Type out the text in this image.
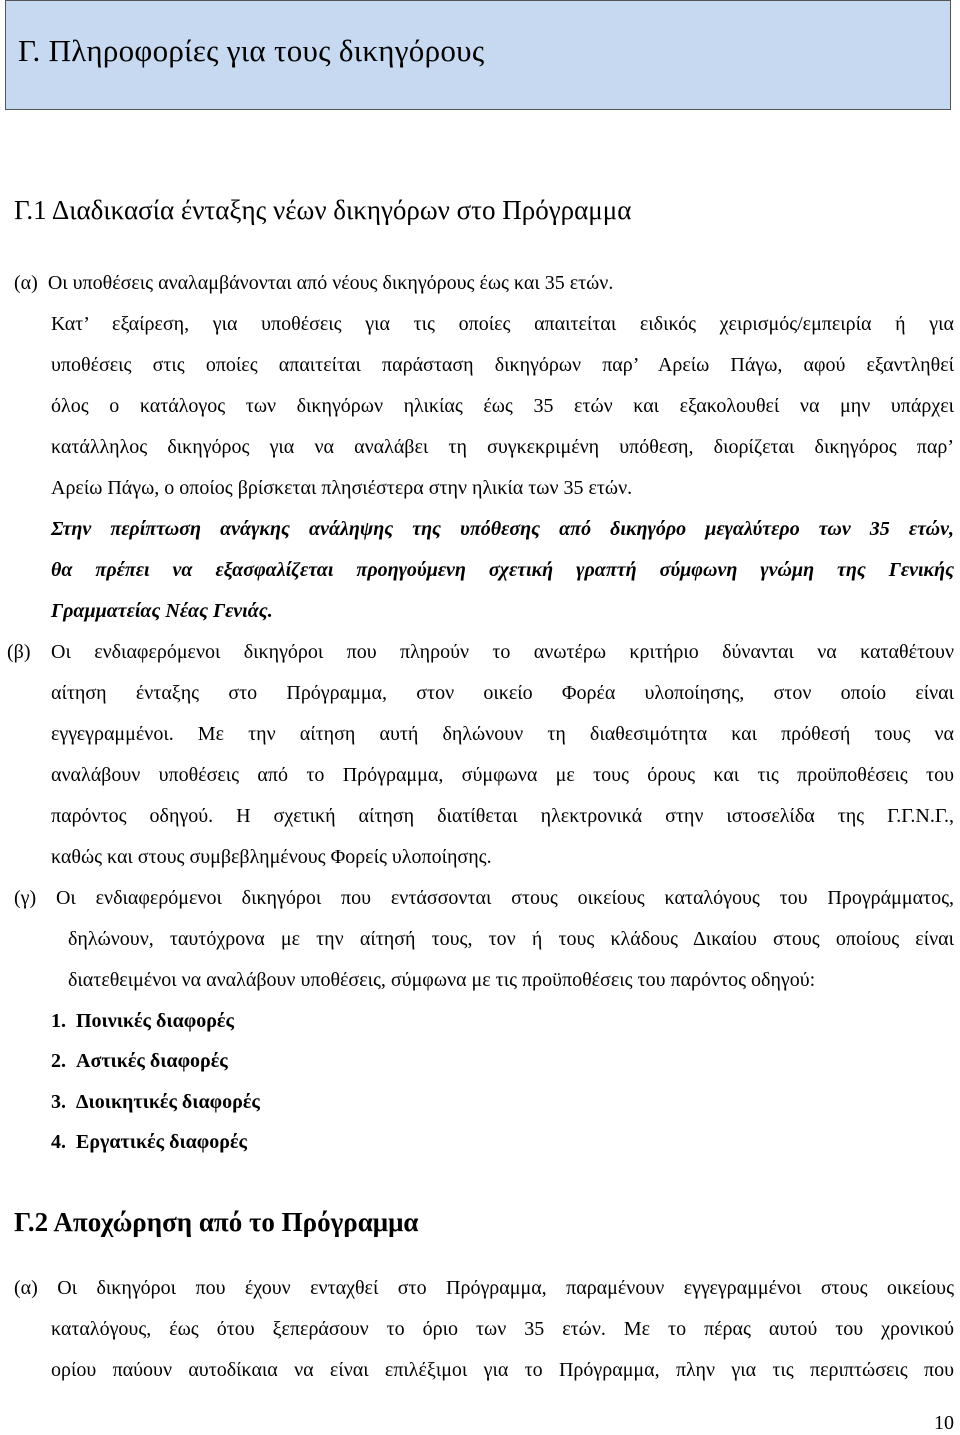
Γ. Πληροφορίες για τους δικηγόρους
Γ.1 Διαδικασία ένταξης νέων δικηγόρων στο Πρόγραμμα
(α) Οι υποθέσεις αναλαμβάνονται από νέους δικηγόρους έως και 35 ετών.
Κατ’ εξαίρεση, για υποθέσεις για τις οποίες απαιτείται ειδικός χειρισμός/εμπειρία ή για
υποθέσεις στις οποίες απαιτείται παράσταση δικηγόρων παρ’ Αρείω Πάγω, αφού εξαντληθεί
όλος ο κατάλογος των δικηγόρων ηλικίας έως 35 ετών και εξακολουθεί να μην υπάρχει
κατάλληλος δικηγόρος για να αναλάβει τη συγκεκριμένη υπόθεση, διορίζεται δικηγόρος παρ’
Αρείω Πάγω, ο οποίος βρίσκεται πλησιέστερα στην ηλικία των 35 ετών.
Στην περίπτωση ανάγκης ανάληψης της υπόθεσης από δικηγόρο μεγαλύτερο των 35 ετών,
θα πρέπει να εξασφαλίζεται προηγούμενη σχετική γραπτή σύμφωνη γνώμη της Γενικής
Γραμματείας Νέας Γενιάς.
(β) Οι ενδιαφερόμενοι δικηγόροι που πληρούν το ανωτέρω κριτήριο δύνανται να καταθέτουν
αίτηση ένταξης στο Πρόγραμμα, στον οικείο Φορέα υλοποίησης, στον οποίο είναι
εγγεγραμμένοι. Με την αίτηση αυτή δηλώνουν τη διαθεσιμότητα και πρόθεσή τους να
αναλάβουν υποθέσεις από το Πρόγραμμα, σύμφωνα με τους όρους και τις προϋποθέσεις του
παρόντος οδηγού. Η σχετική αίτηση διατίθεται ηλεκτρονικά στην ιστοσελίδα της Γ.Γ.Ν.Γ.,
καθώς και στους συμβεβλημένους Φορείς υλοποίησης.
(γ) Οι ενδιαφερόμενοι δικηγόροι που εντάσσονται στους οικείους καταλόγους του Προγράμματος,
δηλώνουν, ταυτόχρονα με την αίτησή τους, τον ή τους κλάδους Δικαίου στους οποίους είναι
διατεθειμένοι να αναλάβουν υποθέσεις, σύμφωνα με τις προϋποθέσεις του παρόντος οδηγού:
1. Ποινικές διαφορές
2. Αστικές διαφορές
3. Διοικητικές διαφορές
4. Εργατικές διαφορές
Γ.2 Αποχώρηση από το Πρόγραμμα
(α) Οι δικηγόροι που έχουν ενταχθεί στο Πρόγραμμα, παραμένουν εγγεγραμμένοι στους οικείους
καταλόγους, έως ότου ξεπεράσουν το όριο των 35 ετών. Με το πέρας αυτού του χρονικού
ορίου παύουν αυτοδίκαια να είναι επιλέξιμοι για το Πρόγραμμα, πλην για τις περιπτώσεις που
10
